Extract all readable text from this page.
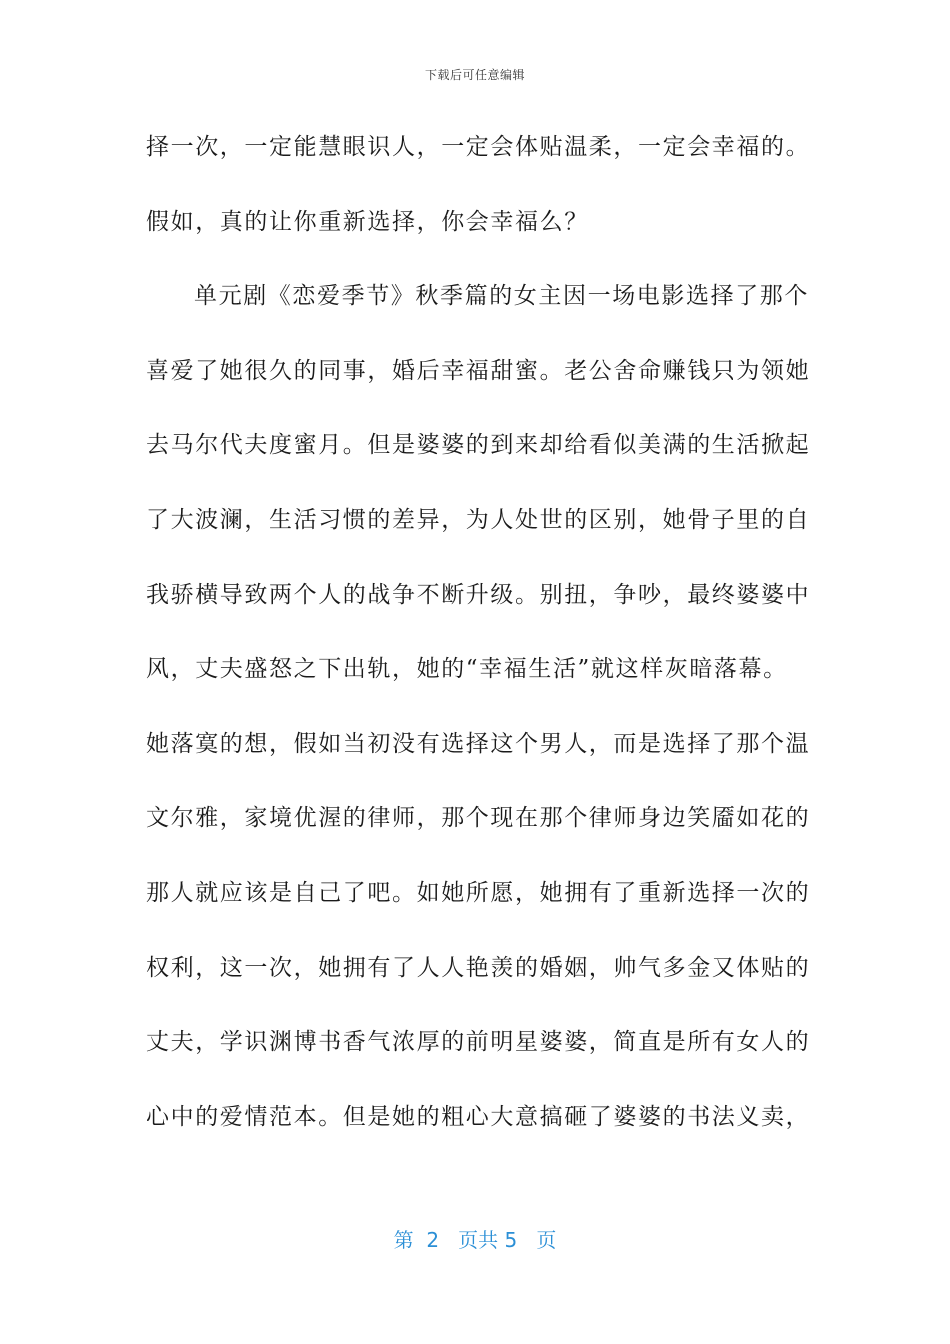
下载后可任意编辑
择一次，一定能慧眼识人，一定会体贴温柔，一定会幸福的。
假如，真的让你重新选择，你会幸福么？
单元剧《恋爱季节》秋季篇的女主因一场电影选择了那个
喜爱了她很久的同事，婚后幸福甜蜜。老公舍命赚钱只为领她
去马尔代夫度蜜月。但是婆婆的到来却给看似美满的生活掀起
了大波澜，生活习惯的差异，为人处世的区别，她骨子里的自
我骄横导致两个人的战争不断升级。别扭，争吵，最终婆婆中
风，丈夫盛怒之下出轨，她的“幸福生活”就这样灰暗落幕。
她落寞的想，假如当初没有选择这个男人，而是选择了那个温
文尔雅，家境优渥的律师，那个现在那个律师身边笑靥如花的
那人就应该是自己了吧。如她所愿，她拥有了重新选择一次的
权利，这一次，她拥有了人人艳羡的婚姻，帅气多金又体贴的
丈夫，学识渊博书香气浓厚的前明星婆婆，简直是所有女人的
心中的爱情范本。但是她的粗心大意搞砸了婆婆的书法义卖，
第  2   页共 5   页
